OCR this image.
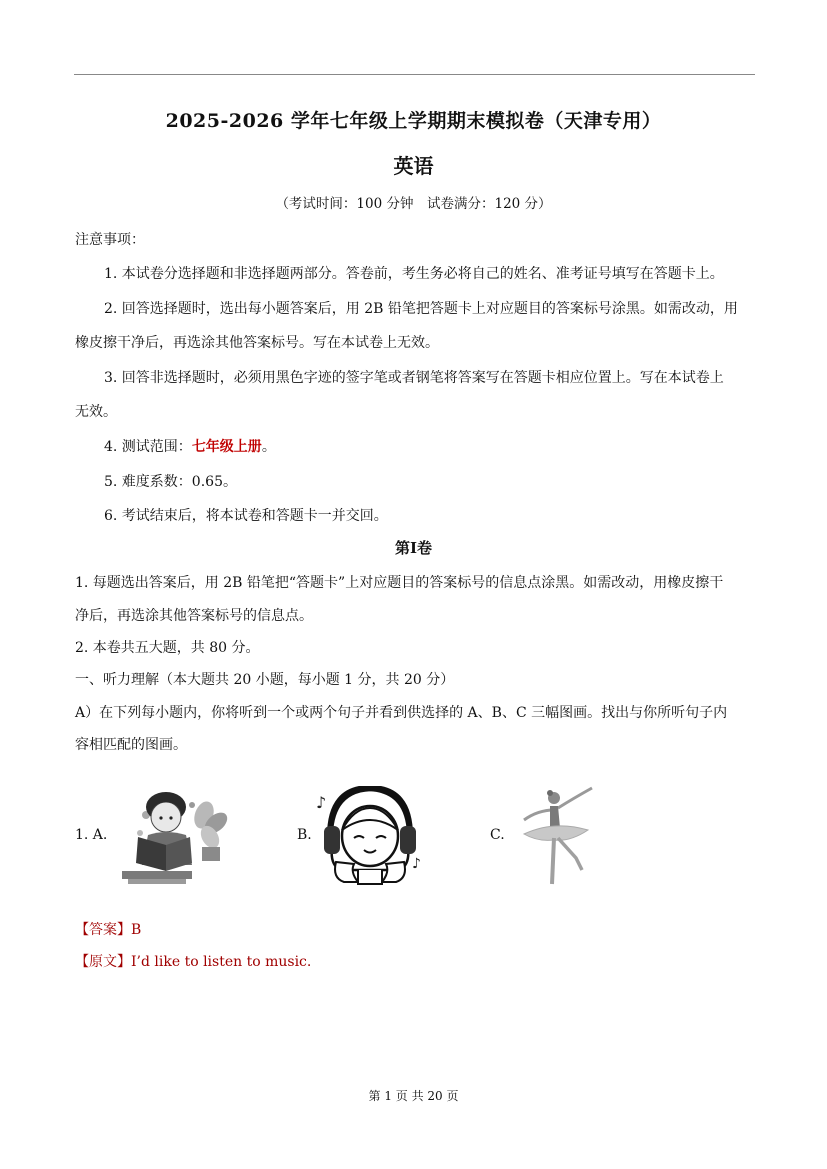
2025-2026 学年七年级上学期期末模拟卷（天津专用）
英语
（考试时间：100 分钟　试卷满分：120 分）
注意事项：
1. 本试卷分选择题和非选择题两部分。答卷前，考生务必将自己的姓名、准考证号填写在答题卡上。
2. 回答选择题时，选出每小题答案后，用 2B 铅笔把答题卡上对应题目的答案标号涂黑。如需改动，用
橡皮擦干净后，再选涂其他答案标号。写在本试卷上无效。
3. 回答非选择题时，必须用黑色字迹的签字笔或者钢笔将答案写在答题卡相应位置上。写在本试卷上
无效。
4. 测试范围：七年级上册。
5. 难度系数：0.65。
6. 考试结束后，将本试卷和答题卡一并交回。
第Ⅰ卷
1. 每题选出答案后，用 2B 铅笔把“答题卡”上对应题目的答案标号的信息点涂黑。如需改动，用橡皮擦干
净后，再选涂其他答案标号的信息点。
2. 本卷共五大题，共 80 分。
一、听力理解（本大题共 20 小题，每小题 1 分，共 20 分）
A）在下列每小题内，你将听到一个或两个句子并看到供选择的 A、B、C 三幅图画。找出与你所听句子内
容相匹配的图画。
1. A.	B.
♪
♪
C.
【答案】B
【原文】I’d like to listen to music.
第 1 页 共 20 页
